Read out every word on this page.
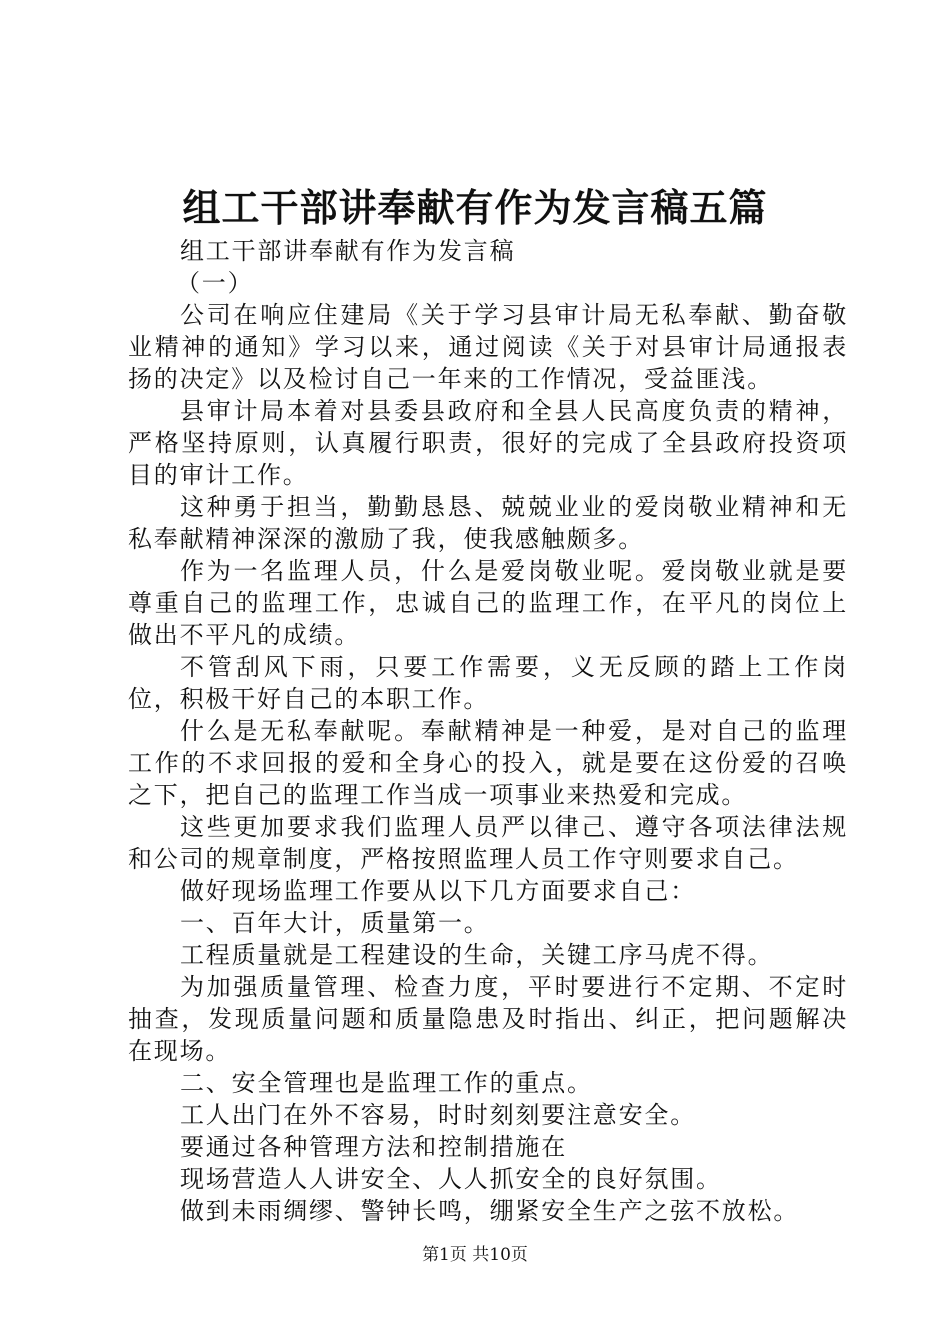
组工干部讲奉献有作为发言稿五篇

组工干部讲奉献有作为发言稿

（一）

公司在响应住建局《关于学习县审计局无私奉献、勤奋敬业精神的通知》学习以来，通过阅读《关于对县审计局通报表扬的决定》以及检讨自己一年来的工作情况，受益匪浅。

县审计局本着对县委县政府和全县人民高度负责的精神，严格坚持原则，认真履行职责，很好的完成了全县政府投资项目的审计工作。

这种勇于担当，勤勤恳恳、兢兢业业的爱岗敬业精神和无私奉献精神深深的激励了我，使我感触颇多。

作为一名监理人员，什么是爱岗敬业呢。爱岗敬业就是要尊重自己的监理工作，忠诚自己的监理工作，在平凡的岗位上做出不平凡的成绩。

不管刮风下雨，只要工作需要，义无反顾的踏上工作岗位，积极干好自己的本职工作。

什么是无私奉献呢。奉献精神是一种爱，是对自己的监理工作的不求回报的爱和全身心的投入，就是要在这份爱的召唤之下，把自己的监理工作当成一项事业来热爱和完成。

这些更加要求我们监理人员严以律己、遵守各项法律法规和公司的规章制度，严格按照监理人员工作守则要求自己。

做好现场监理工作要从以下几方面要求自己：

一、百年大计，质量第一。

工程质量就是工程建设的生命，关键工序马虎不得。

为加强质量管理、检查力度，平时要进行不定期、不定时抽查，发现质量问题和质量隐患及时指出、纠正，把问题解决在现场。

二、安全管理也是监理工作的重点。

工人出门在外不容易，时时刻刻要注意安全。

要通过各种管理方法和控制措施在

现场营造人人讲安全、人人抓安全的良好氛围。

做到未雨绸缪、警钟长鸣，绷紧安全生产之弦不放松。

第1页 共10页
